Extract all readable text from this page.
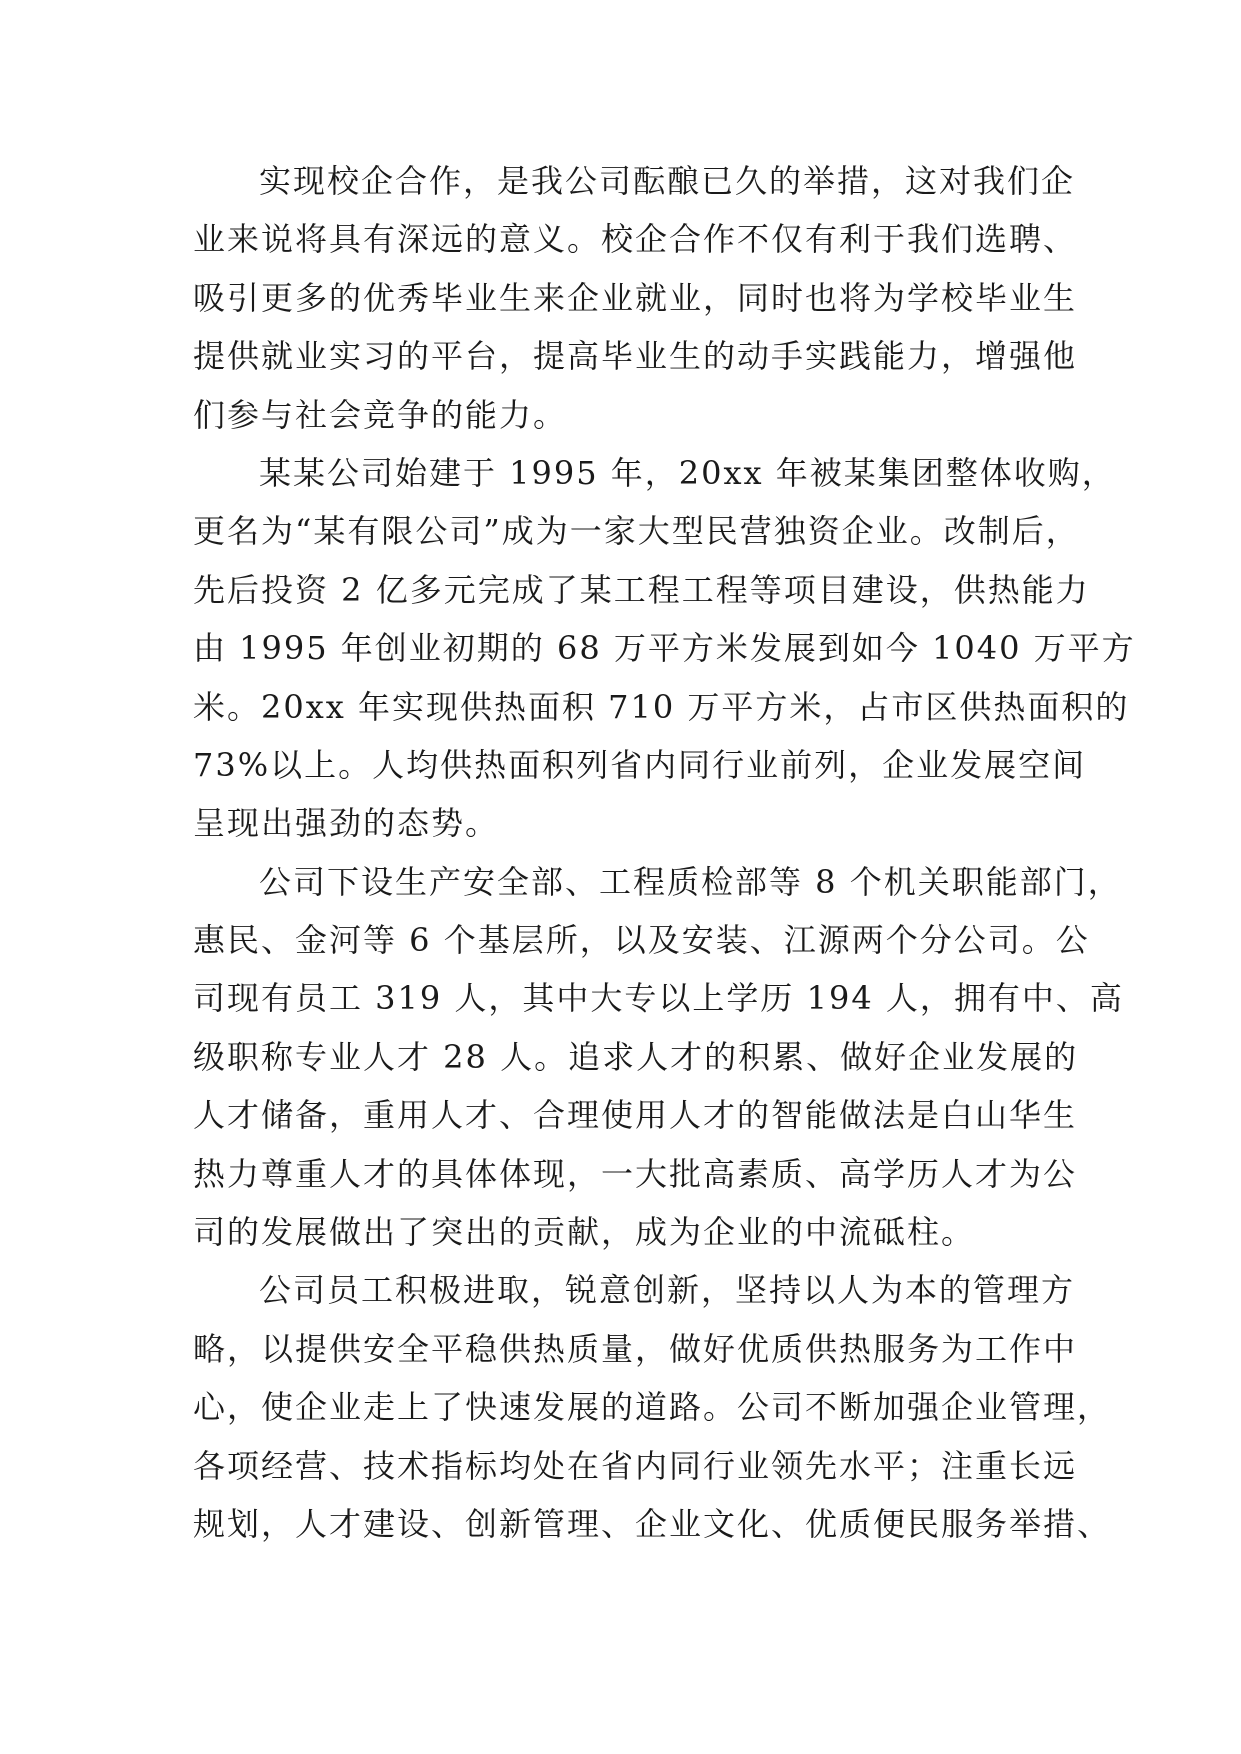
实现校企合作，是我公司酝酿已久的举措，这对我们企
业来说将具有深远的意义。校企合作不仅有利于我们选聘、
吸引更多的优秀毕业生来企业就业，同时也将为学校毕业生
提供就业实习的平台，提高毕业生的动手实践能力，增强他
们参与社会竞争的能力。
某某公司始建于 1995 年，20xx 年被某集团整体收购，
更名为“某有限公司”成为一家大型民营独资企业。改制后，
先后投资 2 亿多元完成了某工程工程等项目建设，供热能力
由 1995 年创业初期的 68 万平方米发展到如今 1040 万平方
米。20xx 年实现供热面积 710 万平方米，占市区供热面积的
73%以上。人均供热面积列省内同行业前列，企业发展空间
呈现出强劲的态势。
公司下设生产安全部、工程质检部等 8 个机关职能部门，
惠民、金河等 6 个基层所，以及安装、江源两个分公司。公
司现有员工 319 人，其中大专以上学历 194 人，拥有中、高
级职称专业人才 28 人。追求人才的积累、做好企业发展的
人才储备，重用人才、合理使用人才的智能做法是白山华生
热力尊重人才的具体体现，一大批高素质、高学历人才为公
司的发展做出了突出的贡献，成为企业的中流砥柱。
公司员工积极进取，锐意创新，坚持以人为本的管理方
略，以提供安全平稳供热质量，做好优质供热服务为工作中
心，使企业走上了快速发展的道路。公司不断加强企业管理，
各项经营、技术指标均处在省内同行业领先水平；注重长远
规划，人才建设、创新管理、企业文化、优质便民服务举措、
